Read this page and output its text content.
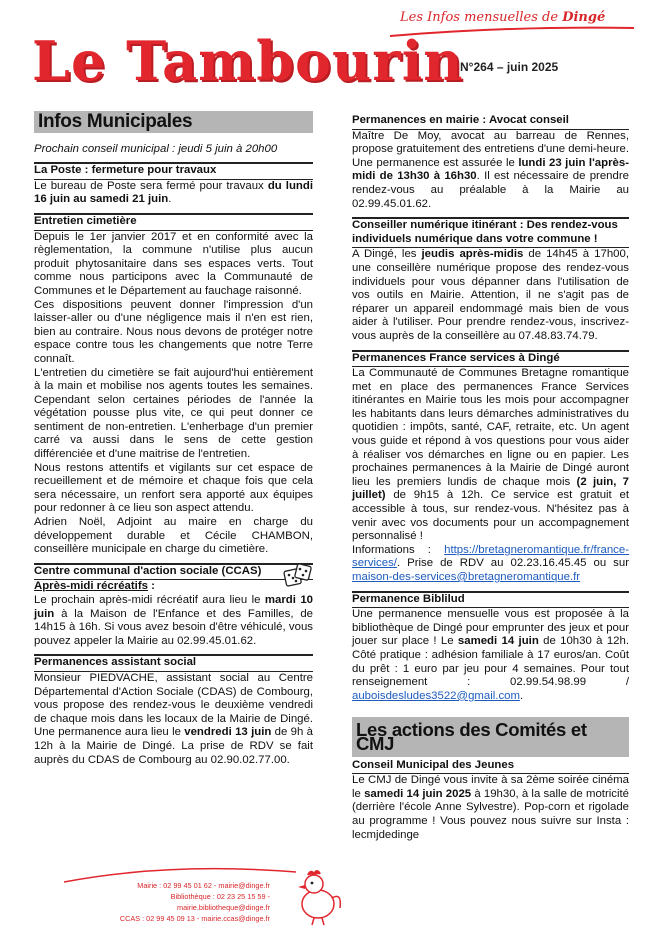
Les Infos mensuelles de Dingé
Le Tambourin
N°264 – juin 2025
Infos Municipales

Prochain conseil municipal : jeudi 5 juin à 20h00

La Poste : fermeture pour travaux

Le bureau de Poste sera fermé pour travaux du lundi 16 juin au samedi 21 juin.

Entretien cimetière

Depuis le 1er janvier 2017 et en conformité avec la règlementation, la commune n'utilise plus aucun produit phytosanitaire dans ses espaces verts. Tout comme nous participons avec la Communauté de Communes et le Département au fauchage raisonné.

Ces dispositions peuvent donner l'impression d'un laisser-aller ou d'une négligence mais il n'en est rien, bien au contraire. Nous nous devons de protéger notre espace contre tous les changements que notre Terre connaît.

L'entretien du cimetière se fait aujourd'hui entièrement à la main et mobilise nos agents toutes les semaines. Cependant selon certaines périodes de l'année la végétation pousse plus vite, ce qui peut donner ce sentiment de non-entretien. L'enherbage d'un premier carré va aussi dans le sens de cette gestion différenciée et d'une maitrise de l'entretien.

Nous restons attentifs et vigilants sur cet espace de recueillement et de mémoire et chaque fois que cela sera nécessaire, un renfort sera apporté aux équipes pour redonner à ce lieu son aspect attendu.

Adrien Noël, Adjoint au maire en charge du développement durable et Cécile CHAMBON, conseillère municipale en charge du cimetière.

Centre communal d'action sociale (CCAS)
Après-midi récréatifs :

Le prochain après-midi récréatif aura lieu le mardi 10 juin à la Maison de l'Enfance et des Familles, de 14h15 à 16h. Si vous avez besoin d'être véhiculé, vous pouvez appeler la Mairie au 02.99.45.01.62.

Permanences assistant social

Monsieur PIEDVACHE, assistant social au Centre Départemental d'Action Sociale (CDAS) de Combourg, vous propose des rendez-vous le deuxième vendredi de chaque mois dans les locaux de la Mairie de Dingé. Une permanence aura lieu le vendredi 13 juin de 9h à 12h à la Mairie de Dingé. La prise de RDV se fait auprès du CDAS de Combourg au 02.90.02.77.00.

Permanences en mairie : Avocat conseil

Maître De Moy, avocat au barreau de Rennes, propose gratuitement des entretiens d'une demi-heure. Une permanence est assurée le lundi 23 juin l'après-midi de 13h30 à 16h30. Il est nécessaire de prendre rendez-vous au préalable à la Mairie au 02.99.45.01.62.

Conseiller numérique itinérant : Des rendez-vous individuels numérique dans votre commune !

A Dingé, les jeudis après-midis de 14h45 à 17h00, une conseillère numérique propose des rendez-vous individuels pour vous dépanner dans l'utilisation de vos outils en Mairie. Attention, il ne s'agit pas de réparer un appareil endommagé mais bien de vous aider à l'utiliser. Pour prendre rendez-vous, inscrivez-vous auprès de la conseillère au 07.48.83.74.79.

Permanences France services à Dingé

La Communauté de Communes Bretagne romantique met en place des permanences France Services itinérantes en Mairie tous les mois pour accompagner les habitants dans leurs démarches administratives du quotidien : impôts, santé, CAF, retraite, etc. Un agent vous guide et répond à vos questions pour vous aider à réaliser vos démarches en ligne ou en papier. Les prochaines permanences à la Mairie de Dingé auront lieu les premiers lundis de chaque mois (2 juin, 7 juillet) de 9h15 à 12h. Ce service est gratuit et accessible à tous, sur rendez-vous. N'hésitez pas à venir avec vos documents pour un accompagnement personnalisé !

Informations : https://bretagneromantique.fr/france-services/. Prise de RDV au 02.23.16.45.45 ou sur maison-des-services@bretagneromantique.fr

Permanence Biblilud

Une permanence mensuelle vous est proposée à la bibliothèque de Dingé pour emprunter des jeux et pour jouer sur place ! Le samedi 14 juin de 10h30 à 12h. Côté pratique : adhésion familiale à 17 euros/an. Coût du prêt : 1 euro par jeu pour 4 semaines. Pour tout renseignement : 02.99.54.98.99 / auboisdesludes3522@gmail.com.

Les actions des Comités et CMJ
Conseil Municipal des Jeunes

Le CMJ de Dingé vous invite à sa 2ème soirée cinéma le samedi 14 juin 2025 à 19h30, à la salle de motricité (derrière l'école Anne Sylvestre). Pop-corn et rigolade au programme ! Vous pouvez nous suivre sur Insta : lecmjdedinge

Mairie : 02 99 45 01 62 - mairie@dinge.fr
Bibliothèque : 02 23 25 15 59 - mairie.bibliotheque@dinge.fr
CCAS : 02 99 45 09 13 - mairie.ccas@dinge.fr
